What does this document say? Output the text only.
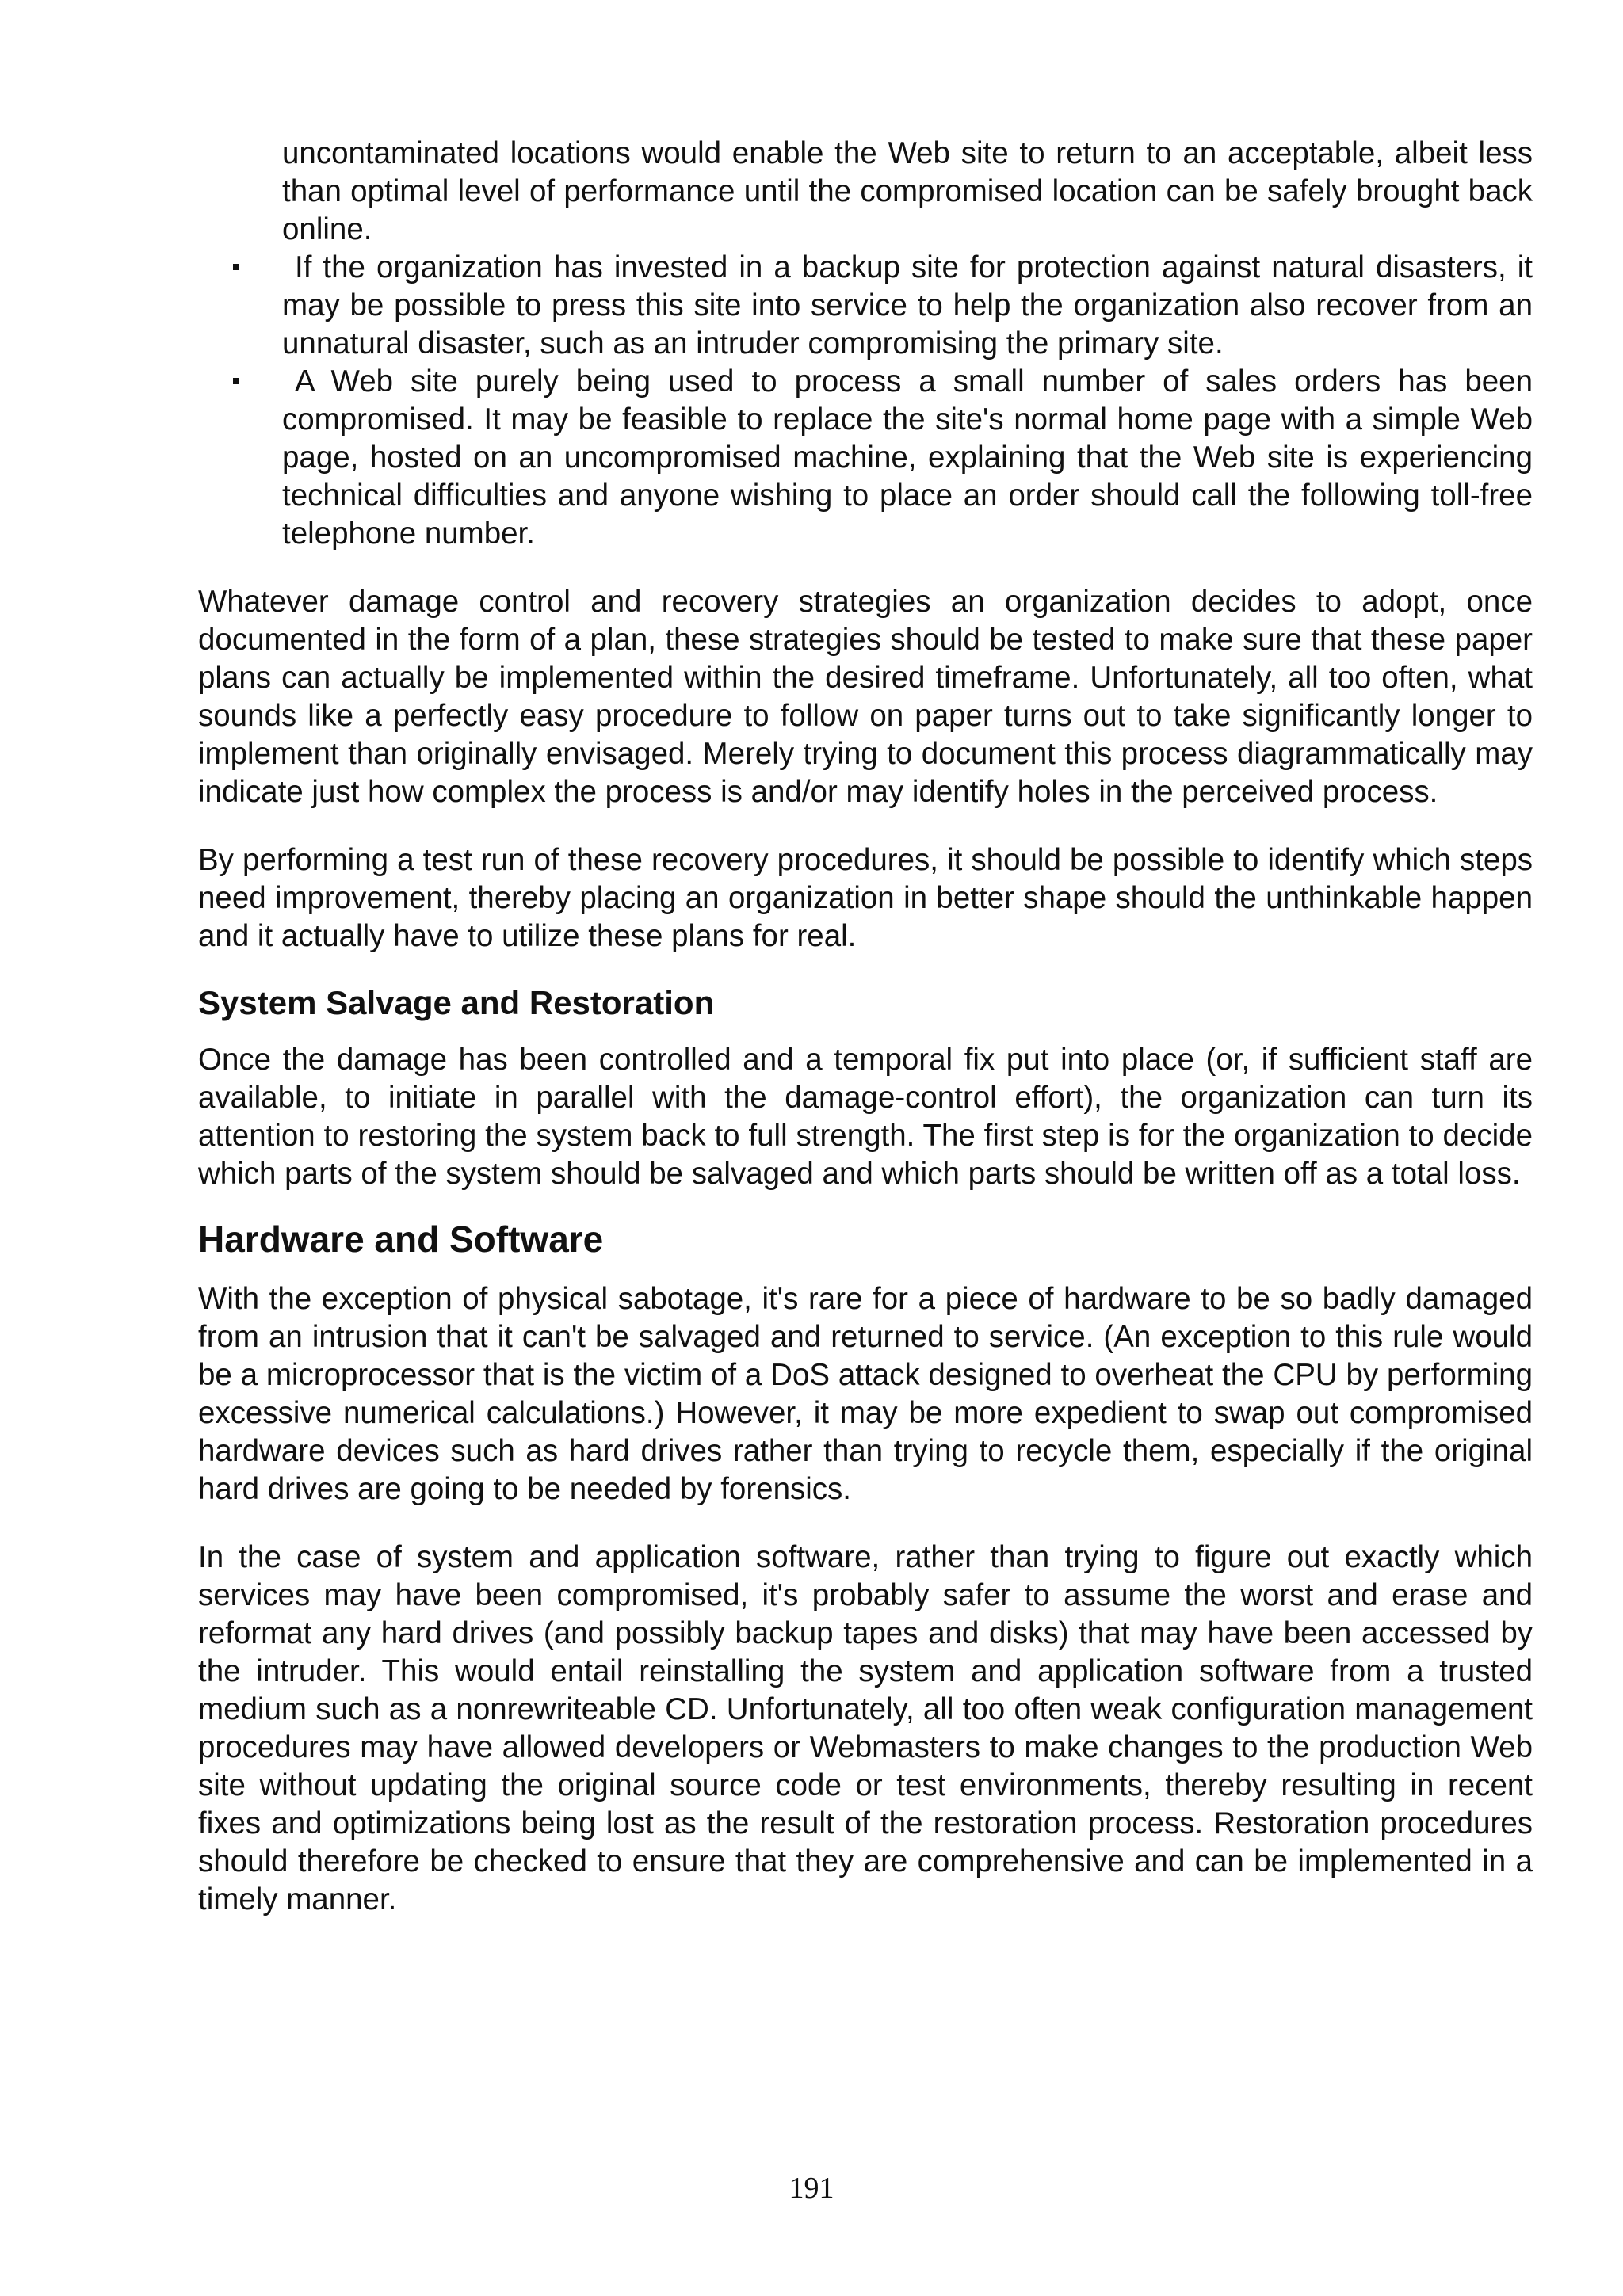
uncontaminated locations would enable the Web site to return to an acceptable, albeit less than optimal level of performance until the compromised location can be safely brought back online.

If the organization has invested in a backup site for protection against natural disasters, it may be possible to press this site into service to help the organization also recover from an unnatural disaster, such as an intruder compromising the primary site.
A Web site purely being used to process a small number of sales orders has been compromised. It may be feasible to replace the site's normal home page with a simple Web page, hosted on an uncompromised machine, explaining that the Web site is experiencing technical difficulties and anyone wishing to place an order should call the following toll-free telephone number.

Whatever damage control and recovery strategies an organization decides to adopt, once documented in the form of a plan, these strategies should be tested to make sure that these paper plans can actually be implemented within the desired timeframe. Unfortunately, all too often, what sounds like a perfectly easy procedure to follow on paper turns out to take significantly longer to implement than originally envisaged. Merely trying to document this process diagrammatically may indicate just how complex the process is and/or may identify holes in the perceived process.

By performing a test run of these recovery procedures, it should be possible to identify which steps need improvement, thereby placing an organization in better shape should the unthinkable happen and it actually have to utilize these plans for real.

System Salvage and Restoration

Once the damage has been controlled and a temporal fix put into place (or, if sufficient staff are available, to initiate in parallel with the damage-control effort), the organization can turn its attention to restoring the system back to full strength. The first step is for the organization to decide which parts of the system should be salvaged and which parts should be written off as a total loss.

Hardware and Software

With the exception of physical sabotage, it's rare for a piece of hardware to be so badly damaged from an intrusion that it can't be salvaged and returned to service. (An exception to this rule would be a microprocessor that is the victim of a DoS attack designed to overheat the CPU by performing excessive numerical calculations.) However, it may be more expedient to swap out compromised hardware devices such as hard drives rather than trying to recycle them, especially if the original hard drives are going to be needed by forensics.

In the case of system and application software, rather than trying to figure out exactly which services may have been compromised, it's probably safer to assume the worst and erase and reformat any hard drives (and possibly backup tapes and disks) that may have been accessed by the intruder. This would entail reinstalling the system and application software from a trusted medium such as a nonrewriteable CD. Unfortunately, all too often weak configuration management procedures may have allowed developers or Webmasters to make changes to the production Web site without updating the original source code or test environments, thereby resulting in recent fixes and optimizations being lost as the result of the restoration process. Restoration procedures should therefore be checked to ensure that they are comprehensive and can be implemented in a timely manner.

191
